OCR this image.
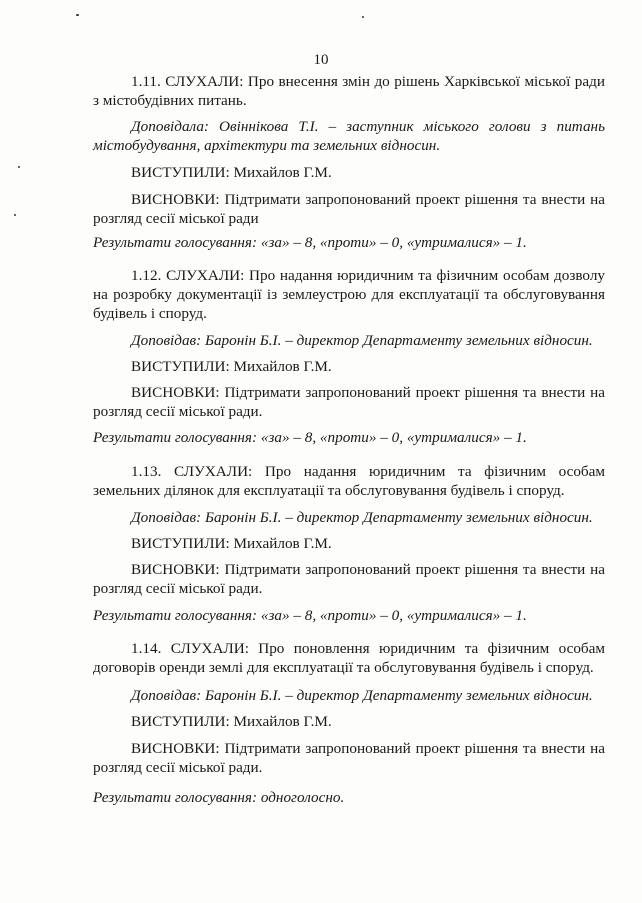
10

1.11. СЛУХАЛИ: Про внесення змін до рішень Харківської міської ради з містобудівних питань.

Доповідала: Овіннікова Т.І. – заступник міського голови з питань містобудування, архітектури та земельних відносин.

ВИСТУПИЛИ: Михайлов Г.М.

ВИСНОВКИ: Підтримати запропонований проект рішення та внести на розгляд сесії міської ради

Результати голосування: «за» – 8, «проти» – 0, «утрималися» – 1.

1.12. СЛУХАЛИ: Про надання юридичним та фізичним особам дозволу на розробку документації із землеустрою для експлуатації та обслуговування будівель і споруд.

Доповідав: Баронін Б.І. – директор Департаменту земельних відносин.

ВИСТУПИЛИ: Михайлов Г.М.

ВИСНОВКИ: Підтримати запропонований проект рішення та внести на розгляд сесії міської ради.

Результати голосування: «за» – 8, «проти» – 0, «утрималися» – 1.

1.13. СЛУХАЛИ: Про надання юридичним та фізичним особам земельних ділянок для експлуатації та обслуговування будівель і споруд.

Доповідав: Баронін Б.І. – директор Департаменту земельних відносин.

ВИСТУПИЛИ: Михайлов Г.М.

ВИСНОВКИ: Підтримати запропонований проект рішення та внести на розгляд сесії міської ради.

Результати голосування: «за» – 8, «проти» – 0, «утрималися» – 1.

1.14. СЛУХАЛИ: Про поновлення юридичним та фізичним особам договорів оренди землі для експлуатації та обслуговування будівель і споруд.

Доповідав: Баронін Б.І. – директор Департаменту земельних відносин.

ВИСТУПИЛИ: Михайлов Г.М.

ВИСНОВКИ: Підтримати запропонований проект рішення та внести на розгляд сесії міської ради.

Результати голосування: одноголосно.
